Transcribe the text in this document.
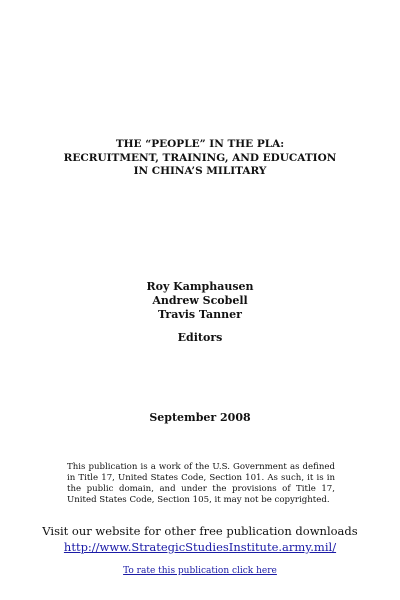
THE “PEOPLE” IN THE PLA:
RECRUITMENT, TRAINING, AND EDUCATION
IN CHINA’S MILITARY
Roy Kamphausen
Andrew Scobell
Travis Tanner
Editors
September 2008
This publication is a work of the U.S. Government as defined in Title 17, United States Code, Section 101. As such, it is in the public domain, and under the provisions of Title 17, United States Code, Section 105, it may not be copyrighted.
Visit our website for other free publication downloads
http://www.StrategicStudiesInstitute.army.mil/
To rate this publication click here
